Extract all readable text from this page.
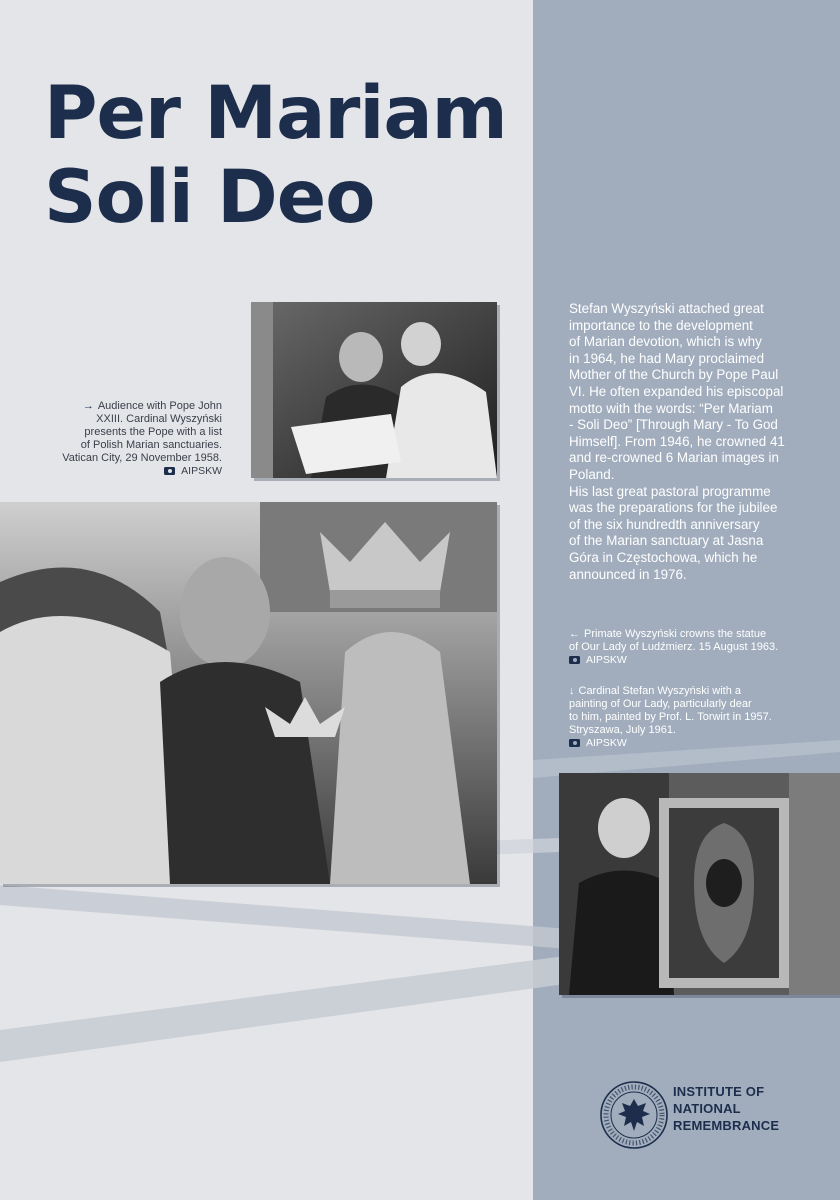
Per Mariam
Soli Deo
→ Audience with Pope John
XXIII. Cardinal Wyszyński
presents the Pope with a list
of Polish Marian sanctuaries.
Vatican City, 29 November 1958.
AIPSKW
Stefan Wyszyński attached great
importance to the development
of Marian devotion, which is why
in 1964, he had Mary proclaimed
Mother of the Church by Pope Paul
VI. He often expanded his episcopal
motto with the words: “Per Mariam
- Soli Deo” [Through Mary - To God
Himself]. From 1946, he crowned 41
and re-crowned 6 Marian images in
Poland.
His last great pastoral programme
was the preparations for the jubilee
of the six hundredth anniversary
of the Marian sanctuary at Jasna
Góra in Częstochowa, which he
announced in 1976.
← Primate Wyszyński crowns the statue
of Our Lady of Ludźmierz. 15 August 1963.
AIPSKW
↓ Cardinal Stefan Wyszyński with a
painting of Our Lady, particularly dear
to him, painted by Prof. L. Torwirt in 1957.
Stryszawa, July 1961.
AIPSKW
INSTITUTE OF
NATIONAL
REMEMBRANCE
